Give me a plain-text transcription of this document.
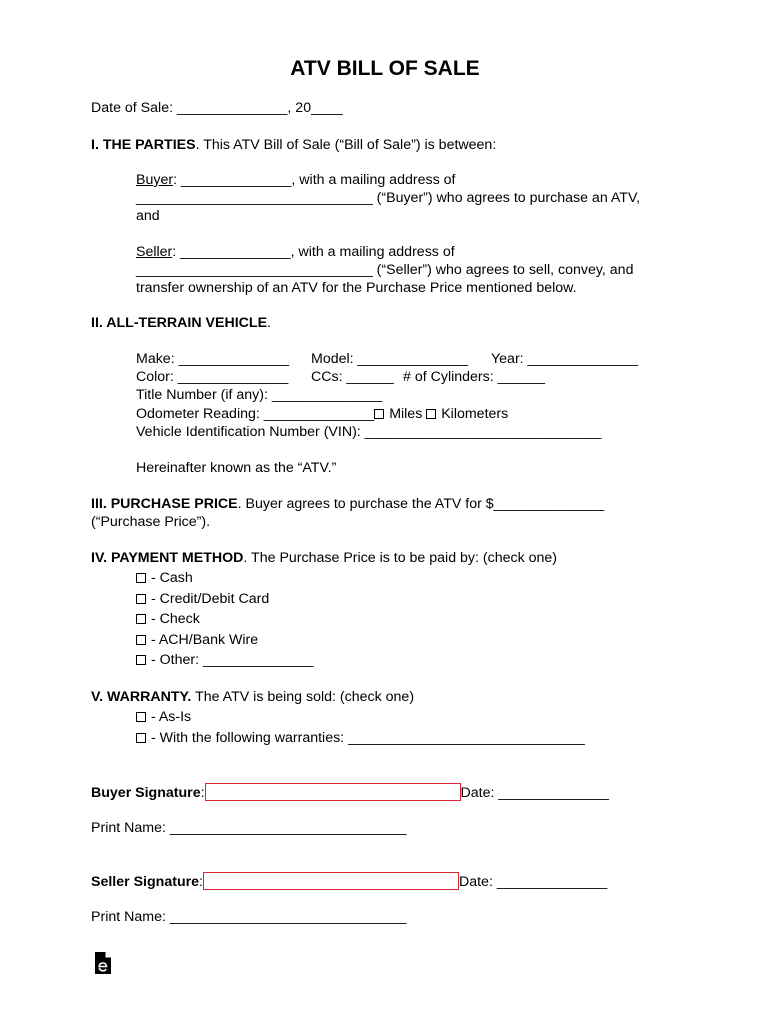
ATV BILL OF SALE
Date of Sale: ______________, 20____
I. THE PARTIES. This ATV Bill of Sale (“Bill of Sale”) is between:
Buyer: ______________, with a mailing address of
______________________________ (“Buyer”) who agrees to purchase an ATV,
and
Seller: ______________, with a mailing address of
______________________________ (“Seller”) who agrees to sell, convey, and
transfer ownership of an ATV for the Purchase Price mentioned below.
II. ALL-TERRAIN VEHICLE.
Make: ______________ Model: ______________ Year: ______________
Color: ______________ CCs: ______ # of Cylinders: ______
Title Number (if any): ______________
Odometer Reading: ______________ Miles Kilometers
Vehicle Identification Number (VIN): ______________________________
Hereinafter known as the “ATV.”
III. PURCHASE PRICE. Buyer agrees to purchase the ATV for $______________
(“Purchase Price”).
IV. PAYMENT METHOD. The Purchase Price is to be paid by: (check one)
- Cash
- Credit/Debit Card
- Check
- ACH/Bank Wire
- Other: ______________
V. WARRANTY. The ATV is being sold: (check one)
- As-Is
- With the following warranties: ______________________________
Buyer Signature:	Date: ______________
Print Name: ______________________________
Seller Signature:	Date: ______________
Print Name: ______________________________
